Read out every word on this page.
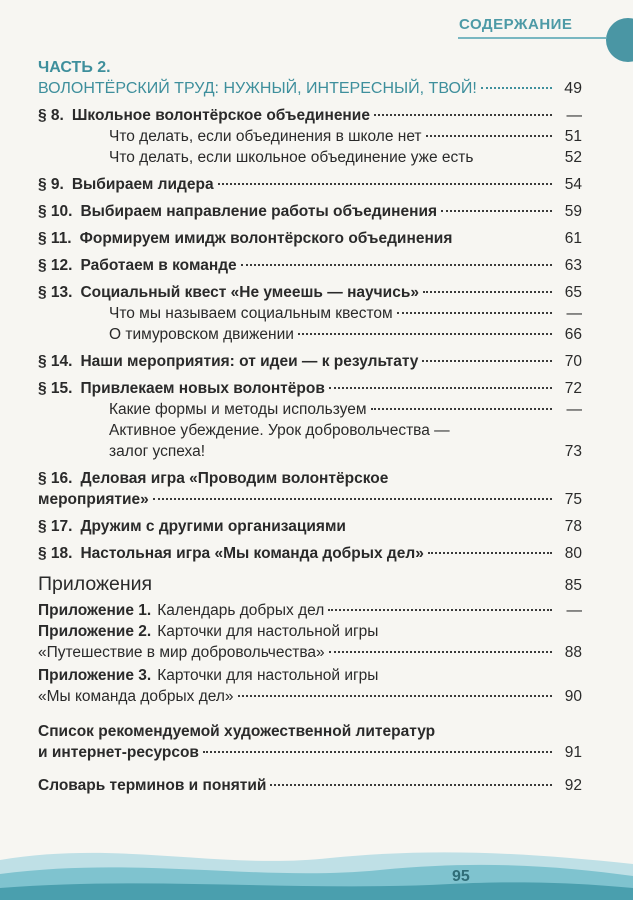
СОДЕРЖАНИЕ
ЧАСТЬ 2.
ВОЛОНТЁРСКИЙ ТРУД: НУЖНЫЙ, ИНТЕРЕСНЫЙ, ТВОЙ!	49
§ 8. Школьное волонтёрское объединение	—
Что делать, если объединения в школе нет	51
Что делать, если школьное объединение уже есть	52
§ 9. Выбираем лидера	54
§ 10. Выбираем направление работы объединения	59
§ 11. Формируем имидж волонтёрского объединения	61
§ 12. Работаем в команде	63
§ 13. Социальный квест «Не умеешь — научись»	65
Что мы называем социальным квестом	—
О тимуровском движении	66
§ 14. Наши мероприятия: от идеи — к результату	70
§ 15. Привлекаем новых волонтёров	72
Какие формы и методы используем	—
Активное убеждение. Урок добровольчества —
залог успеха!	73
§ 16. Деловая игра «Проводим волонтёрское
мероприятие»	75
§ 17. Дружим с другими организациями	78
§ 18. Настольная игра «Мы команда добрых дел»	80
Приложения	85
Приложение 1. Календарь добрых дел	—
Приложение 2. Карточки для настольной игры
«Путешествие в мир добровольчества»	88
Приложение 3. Карточки для настольной игры
«Мы команда добрых дел»	90
Список рекомендуемой художественной литератур
и интернет-ресурсов	91
Словарь терминов и понятий	92
95
